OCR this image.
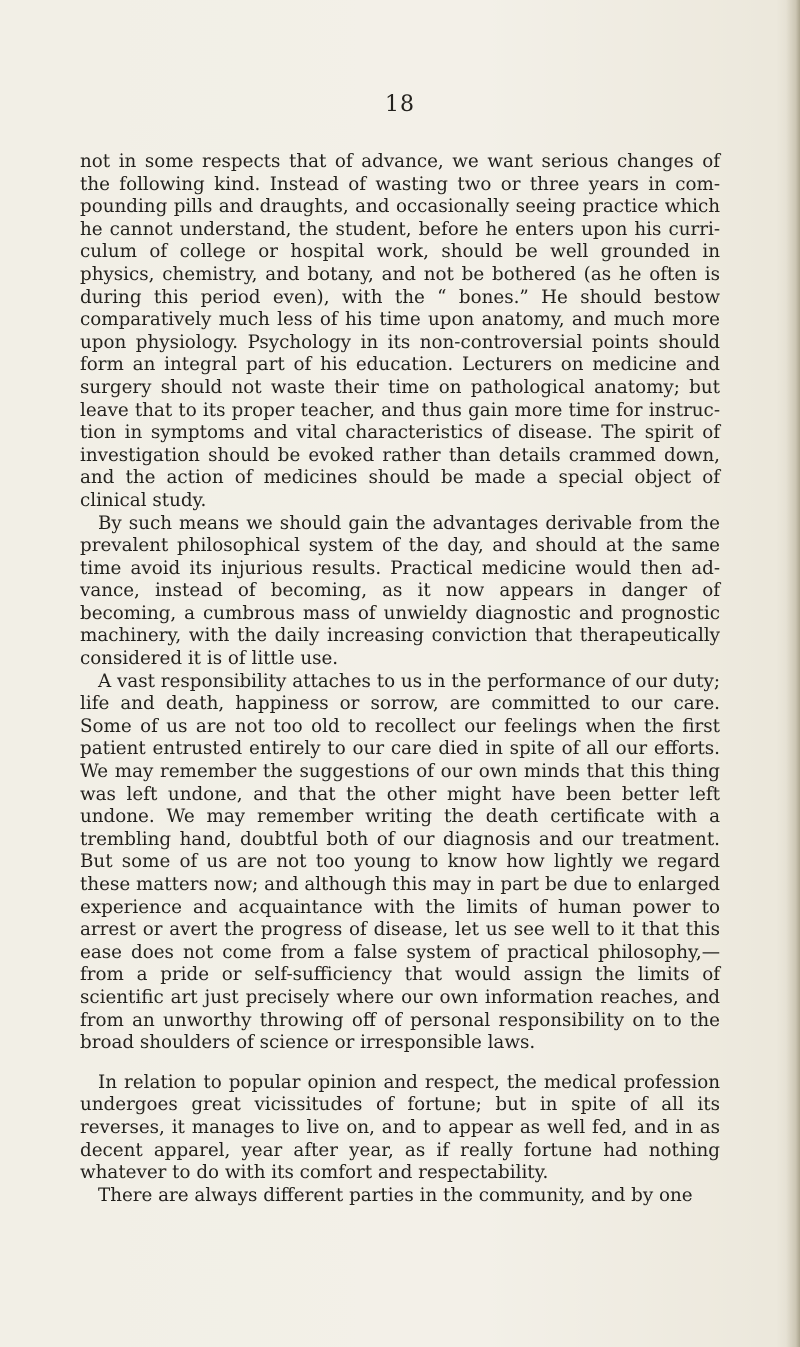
18

not in some respects that of advance, we want serious changes of the following kind. Instead of wasting two or three years in compounding pills and draughts, and occasionally seeing practice which he cannot understand, the student, before he enters upon his curriculum of college or hospital work, should be well grounded in physics, chemistry, and botany, and not be bothered (as he often is during this period even), with the “ bones.” He should bestow comparatively much less of his time upon anatomy, and much more upon physiology. Psychology in its non-controversial points should form an integral part of his education. Lecturers on medicine and surgery should not waste their time on pathological anatomy; but leave that to its proper teacher, and thus gain more time for instruction in symptoms and vital characteristics of disease. The spirit of investigation should be evoked rather than details crammed down, and the action of medicines should be made a special object of clinical study.

By such means we should gain the advantages derivable from the prevalent philosophical system of the day, and should at the same time avoid its injurious results. Practical medicine would then advance, instead of becoming, as it now appears in danger of becoming, a cumbrous mass of unwieldy diagnostic and prognostic machinery, with the daily increasing conviction that therapeutically considered it is of little use.

A vast responsibility attaches to us in the performance of our duty; life and death, happiness or sorrow, are committed to our care. Some of us are not too old to recollect our feelings when the first patient entrusted entirely to our care died in spite of all our efforts. We may remember the suggestions of our own minds that this thing was left undone, and that the other might have been better left undone. We may remember writing the death certificate with a trembling hand, doubtful both of our diagnosis and our treatment. But some of us are not too young to know how lightly we regard these matters now; and although this may in part be due to enlarged experience and acquaintance with the limits of human power to arrest or avert the progress of disease, let us see well to it that this ease does not come from a false system of practical philosophy,—from a pride or self-sufficiency that would assign the limits of scientific art just precisely where our own information reaches, and from an unworthy throwing off of personal responsibility on to the broad shoulders of science or irresponsible laws.

In relation to popular opinion and respect, the medical profession undergoes great vicissitudes of fortune; but in spite of all its reverses, it manages to live on, and to appear as well fed, and in as decent apparel, year after year, as if really fortune had nothing whatever to do with its comfort and respectability.

There are always different parties in the community, and by one
